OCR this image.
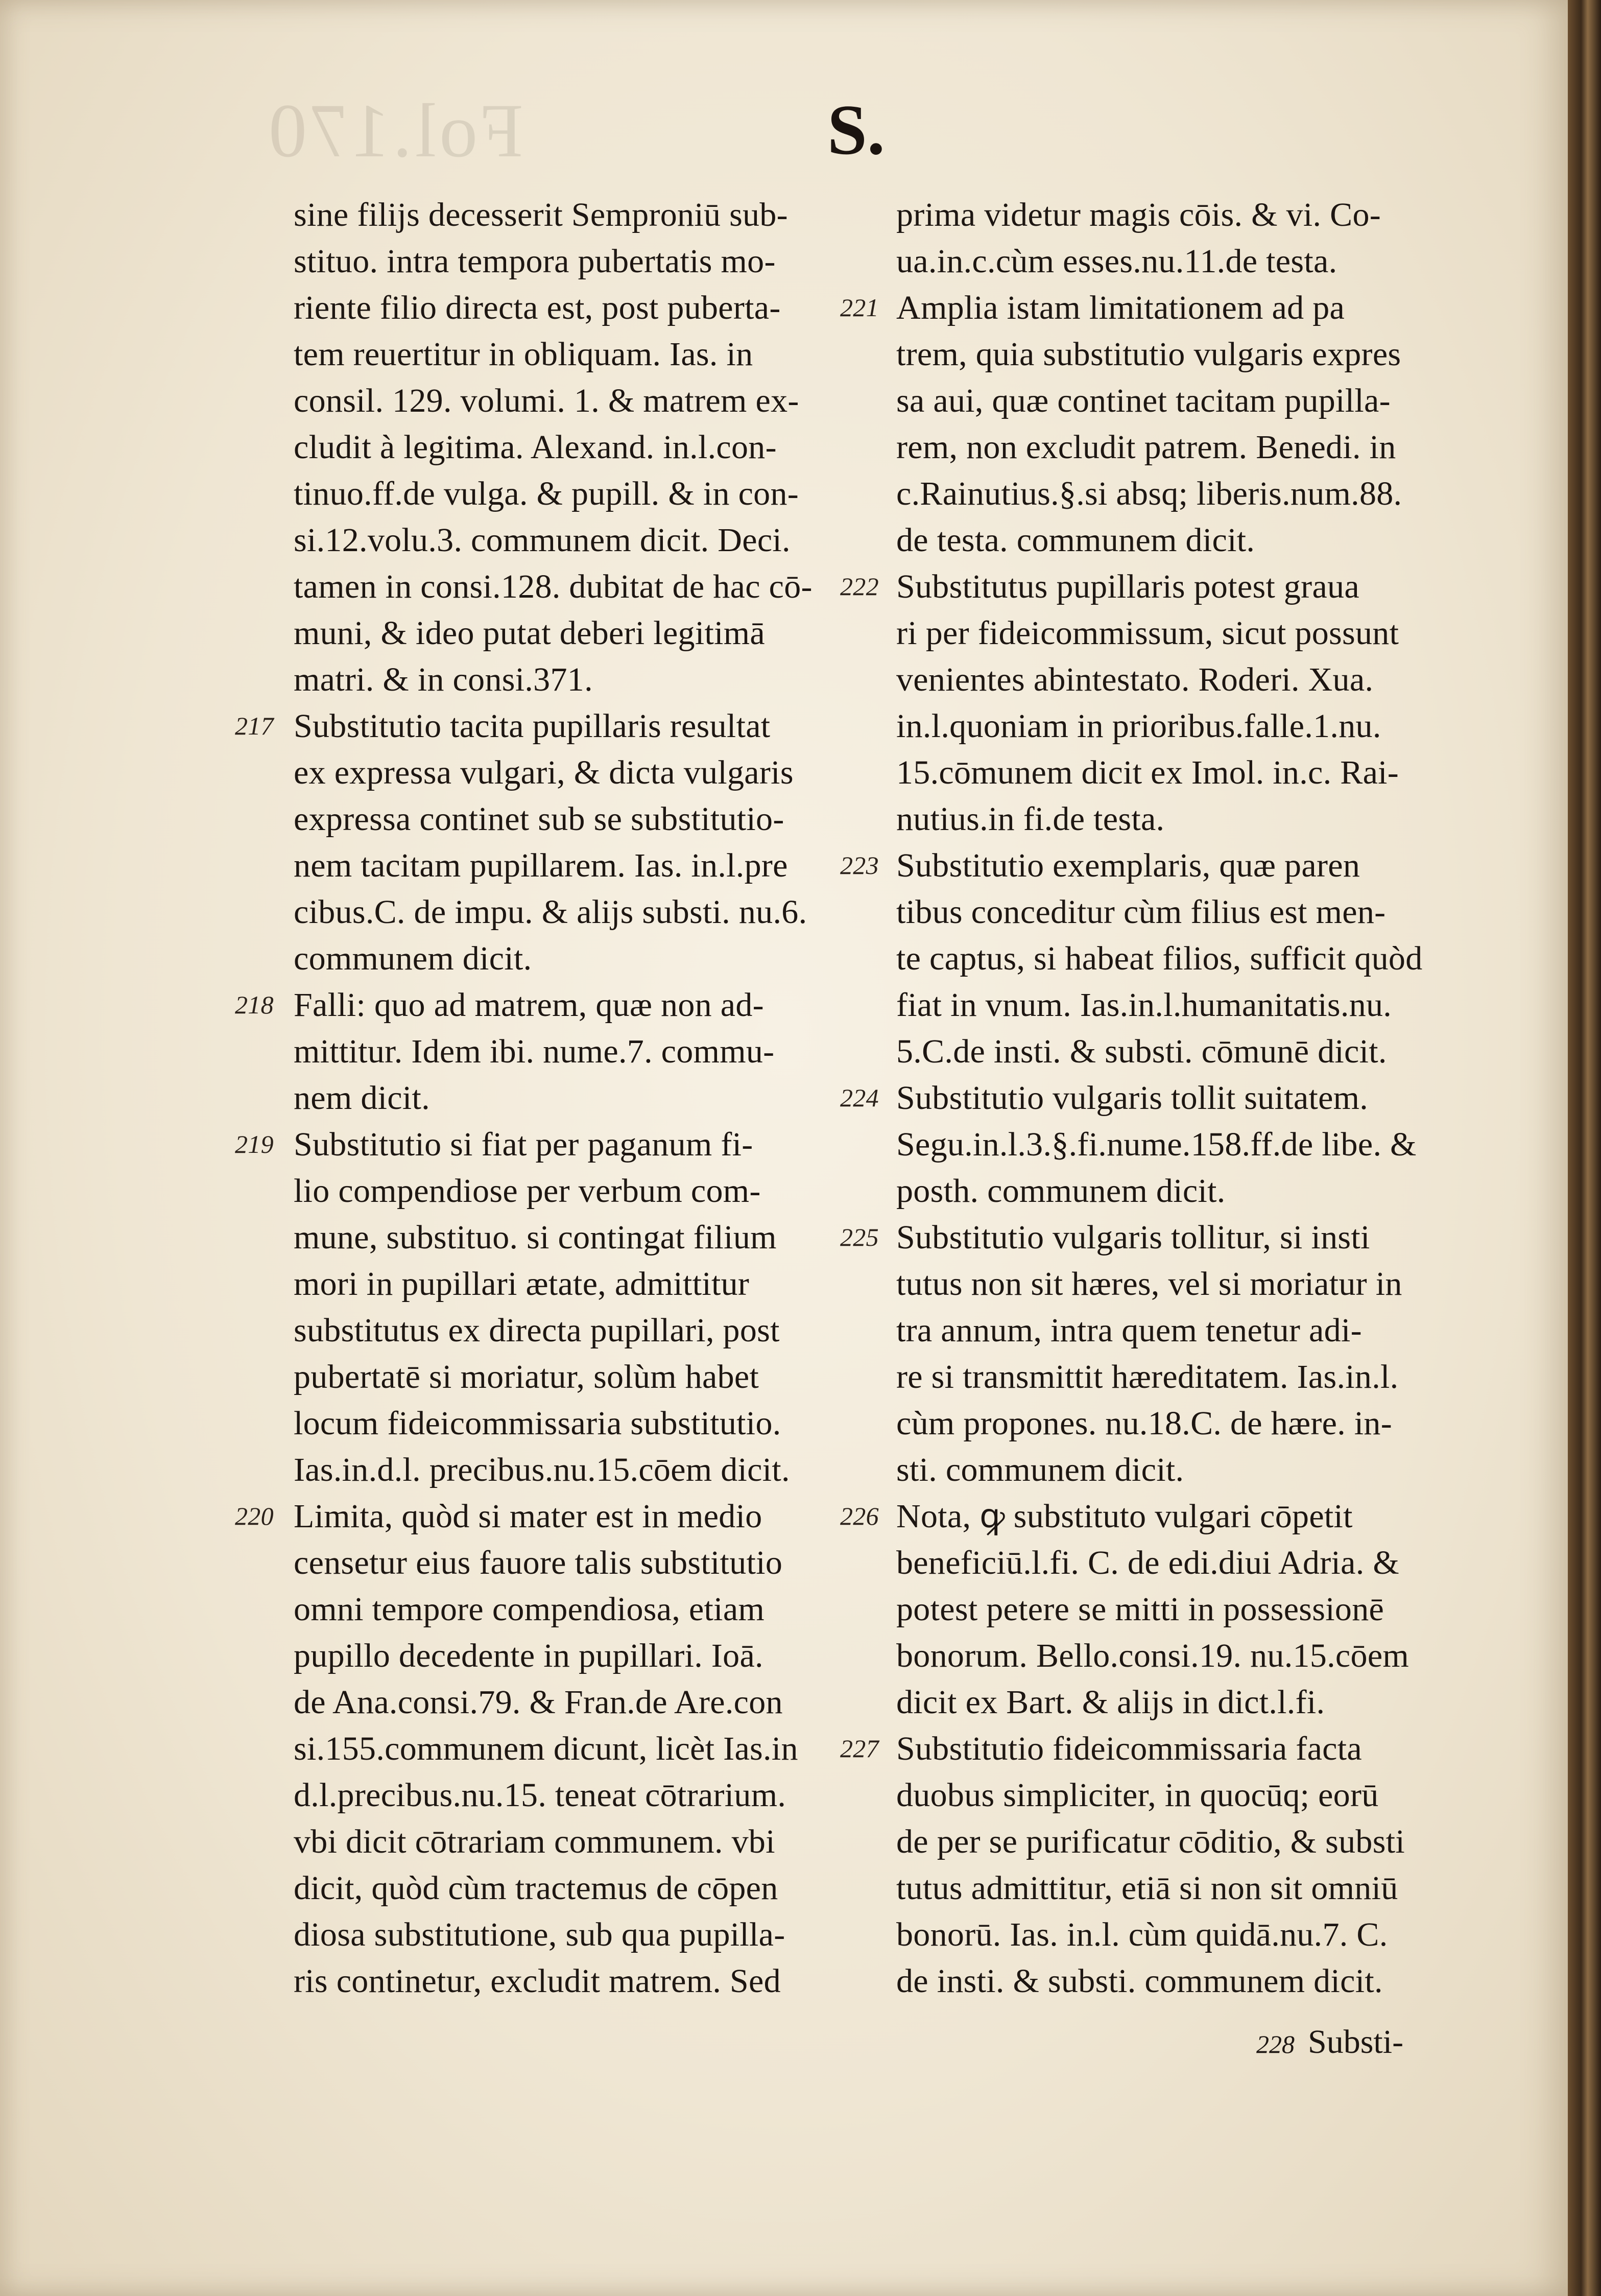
Fol.170	S.
sine filijs decesserit Semproniū sub-
stituo. intra tempora pubertatis mo-
riente filio directa est, post puberta-
tem reuertitur in obliquam. Ias. in
consil. 129. volumi. 1. & matrem ex-
cludit à legitima. Alexand. in.l.con-
tinuo.ff.de vulga. & pupill. & in con-
si.12.volu.3. communem dicit. Deci.
tamen in consi.128. dubitat de hac cō-
muni, & ideo putat deberi legitimā
matri. & in consi.371.
217 Substitutio tacita pupillaris resultat
ex expressa vulgari, & dicta vulgaris
expressa continet sub se substitutio-
nem tacitam pupillarem. Ias. in.l.pre
cibus.C. de impu. & alijs substi. nu.6.
communem dicit.
218 Falli: quo ad matrem, quæ non ad-
mittitur. Idem ibi. nume.7. commu-
nem dicit.
219 Substitutio si fiat per paganum fi-
lio compendiose per verbum com-
mune, substituo. si contingat filium
mori in pupillari ætate, admittitur
substitutus ex directa pupillari, post
pubertatē si moriatur, solùm habet
locum fideicommissaria substitutio.
Ias.in.d.l. precibus.nu.15.cōem dicit.
220 Limita, quòd si mater est in medio
censetur eius fauore talis substitutio
omni tempore compendiosa, etiam
pupillo decedente in pupillari. Ioā.
de Ana.consi.79. & Fran.de Are.con
si.155.communem dicunt, licèt Ias.in
d.l.precibus.nu.15. teneat cōtrarium.
vbi dicit cōtrariam communem. vbi
dicit, quòd cùm tractemus de cōpen
diosa substitutione, sub qua pupilla-
ris continetur, excludit matrem. Sed
prima videtur magis cōis. & vi. Co-
ua.in.c.cùm esses.nu.11.de testa.
221 Amplia istam limitationem ad pa
trem, quia substitutio vulgaris expres
sa aui, quæ continet tacitam pupilla-
rem, non excludit patrem. Benedi. in
c.Rainutius.§.si absq; liberis.num.88.
de testa. communem dicit.
222 Substitutus pupillaris potest graua
ri per fideicommissum, sicut possunt
venientes abintestato. Roderi. Xua.
in.l.quoniam in prioribus.falle.1.nu.
15.cōmunem dicit ex Imol. in.c. Rai-
nutius.in fi.de testa.
223 Substitutio exemplaris, quæ paren
tibus conceditur cùm filius est men-
te captus, si habeat filios, sufficit quòd
fiat in vnum. Ias.in.l.humanitatis.nu.
5.C.de insti. & substi. cōmunē dicit.
224 Substitutio vulgaris tollit suitatem.
Segu.in.l.3.§.fi.nume.158.ff.de libe. &
posth. communem dicit.
225 Substitutio vulgaris tollitur, si insti
tutus non sit hæres, vel si moriatur in
tra annum, intra quem tenetur adi-
re si transmittit hæreditatem. Ias.in.l.
cùm propones. nu.18.C. de hære. in-
sti. communem dicit.
226 Nota, ꝙ substituto vulgari cōpetit
beneficiū.l.fi. C. de edi.diui Adria. &
potest petere se mitti in possessionē
bonorum. Bello.consi.19. nu.15.cōem
dicit ex Bart. & alijs in dict.l.fi.
227 Substitutio fideicommissaria facta
duobus simpliciter, in quocūq; eorū
de per se purificatur cōditio, & substi
tutus admittitur, etiā si non sit omniū
bonorū. Ias. in.l. cùm quidā.nu.7. C.
de insti. & substi. communem dicit.
228 Substi-
